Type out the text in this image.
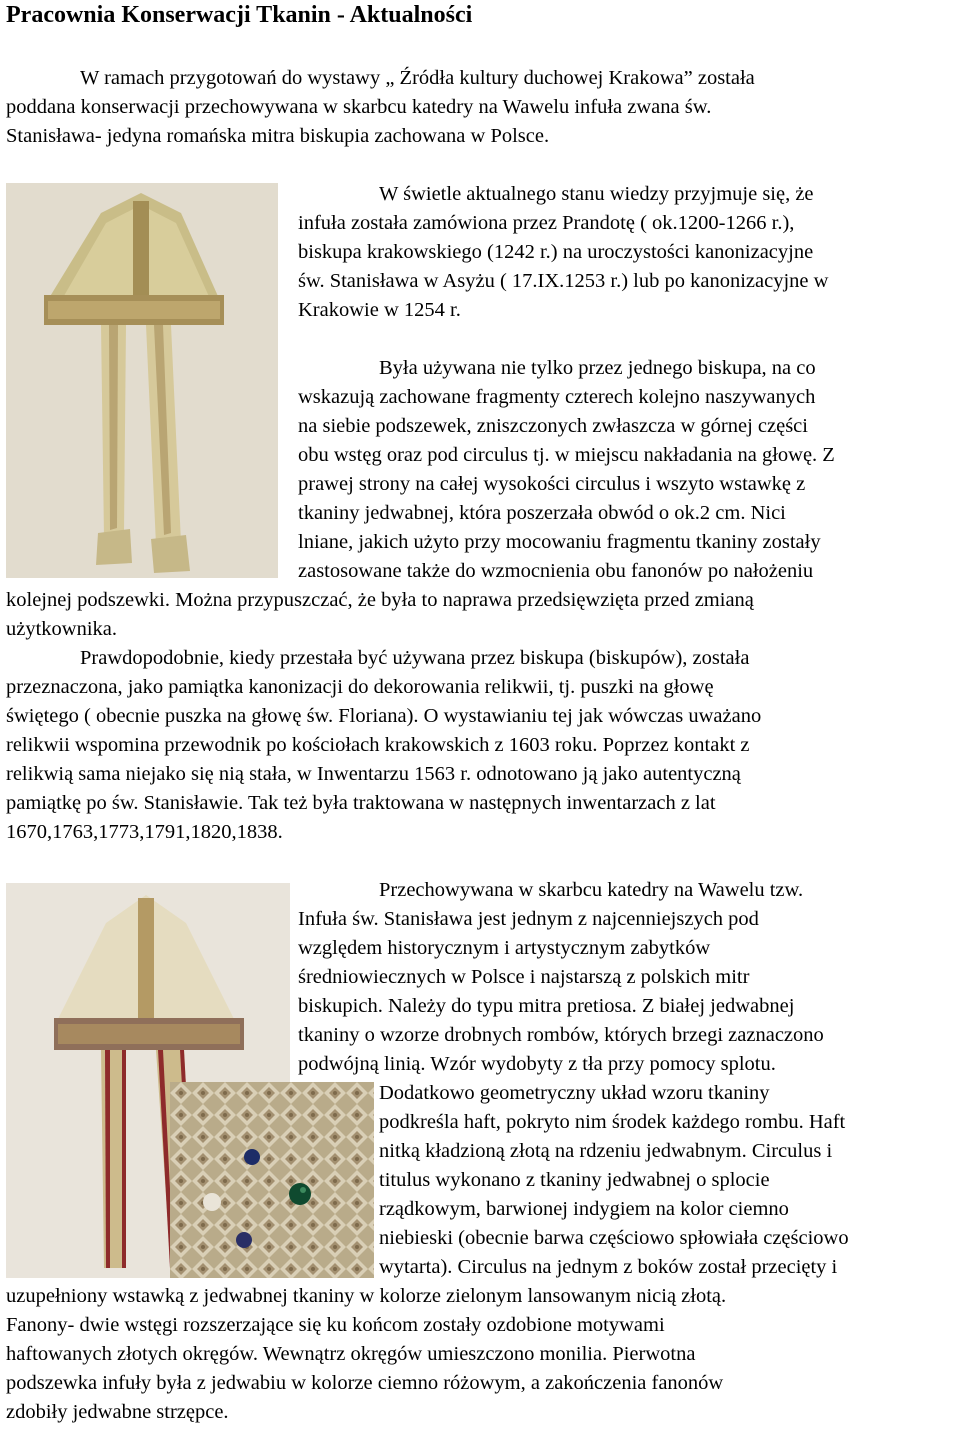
Pracownia Konserwacji Tkanin - Aktualności
W ramach przygotowań do wystawy „ Źródła kultury duchowej Krakowa” została
poddana konserwacji przechowywana w skarbcu katedry na Wawelu infuła zwana św.
Stanisława- jedyna romańska mitra biskupia zachowana w Polsce.
W świetle aktualnego stanu wiedzy przyjmuje się, że
infuła została zamówiona przez Prandotę ( ok.1200-1266 r.),
biskupa krakowskiego (1242 r.) na uroczystości kanonizacyjne
św. Stanisława w Asyżu ( 17.IX.1253 r.) lub po kanonizacyjne w
Krakowie w 1254 r.
Była używana nie tylko przez jednego biskupa, na co
wskazują zachowane fragmenty czterech kolejno naszywanych
na siebie podszewek, zniszczonych zwłaszcza w górnej części
obu wstęg oraz pod circulus tj. w miejscu nakładania na głowę. Z
prawej strony na całej wysokości circulus i wszyto wstawkę z
tkaniny jedwabnej, która poszerzała obwód o ok.2 cm. Nici
lniane, jakich użyto przy mocowaniu fragmentu tkaniny zostały
zastosowane także do wzmocnienia obu fanonów po nałożeniu
kolejnej podszewki. Można przypuszczać, że była to naprawa przedsięwzięta przed zmianą
użytkownika.
Prawdopodobnie, kiedy przestała być używana przez biskupa (biskupów), została
przeznaczona, jako pamiątka kanonizacji do dekorowania relikwii, tj. puszki na głowę
świętego ( obecnie puszka na głowę św. Floriana). O wystawianiu tej jak wówczas uważano
relikwii wspomina przewodnik po kościołach krakowskich z 1603 roku. Poprzez kontakt z
relikwią sama niejako się nią stała, w Inwentarzu 1563 r. odnotowano ją jako autentyczną
pamiątkę po św. Stanisławie. Tak też była traktowana w następnych inwentarzach z lat
1670,1763,1773,1791,1820,1838.
Przechowywana w skarbcu katedry na Wawelu tzw.
Infuła św. Stanisława jest jednym z najcenniejszych pod
względem historycznym i artystycznym zabytków
średniowiecznych w Polsce i najstarszą z polskich mitr
biskupich. Należy do typu mitra pretiosa. Z białej jedwabnej
tkaniny o wzorze drobnych rombów, których brzegi zaznaczono
podwójną linią. Wzór wydobyty z tła przy pomocy splotu.
Dodatkowo geometryczny układ wzoru tkaniny
podkreśla haft, pokryto nim środek każdego rombu. Haft
nitką kładzioną złotą na rdzeniu jedwabnym. Circulus i
titulus wykonano z tkaniny jedwabnej o splocie
rządkowym, barwionej indygiem na kolor ciemno
niebieski (obecnie barwa częściowo spłowiała częściowo
wytarta). Circulus na jednym z boków został przecięty i
uzupełniony wstawką z jedwabnej tkaniny w kolorze zielonym lansowanym nicią złotą.
Fanony- dwie wstęgi rozszerzające się ku końcom zostały ozdobione motywami
haftowanych złotych okręgów. Wewnątrz okręgów umieszczono monilia. Pierwotna
podszewka infuły była z jedwabiu w kolorze ciemno różowym, a zakończenia fanonów
zdobiły jedwabne strzępce.
